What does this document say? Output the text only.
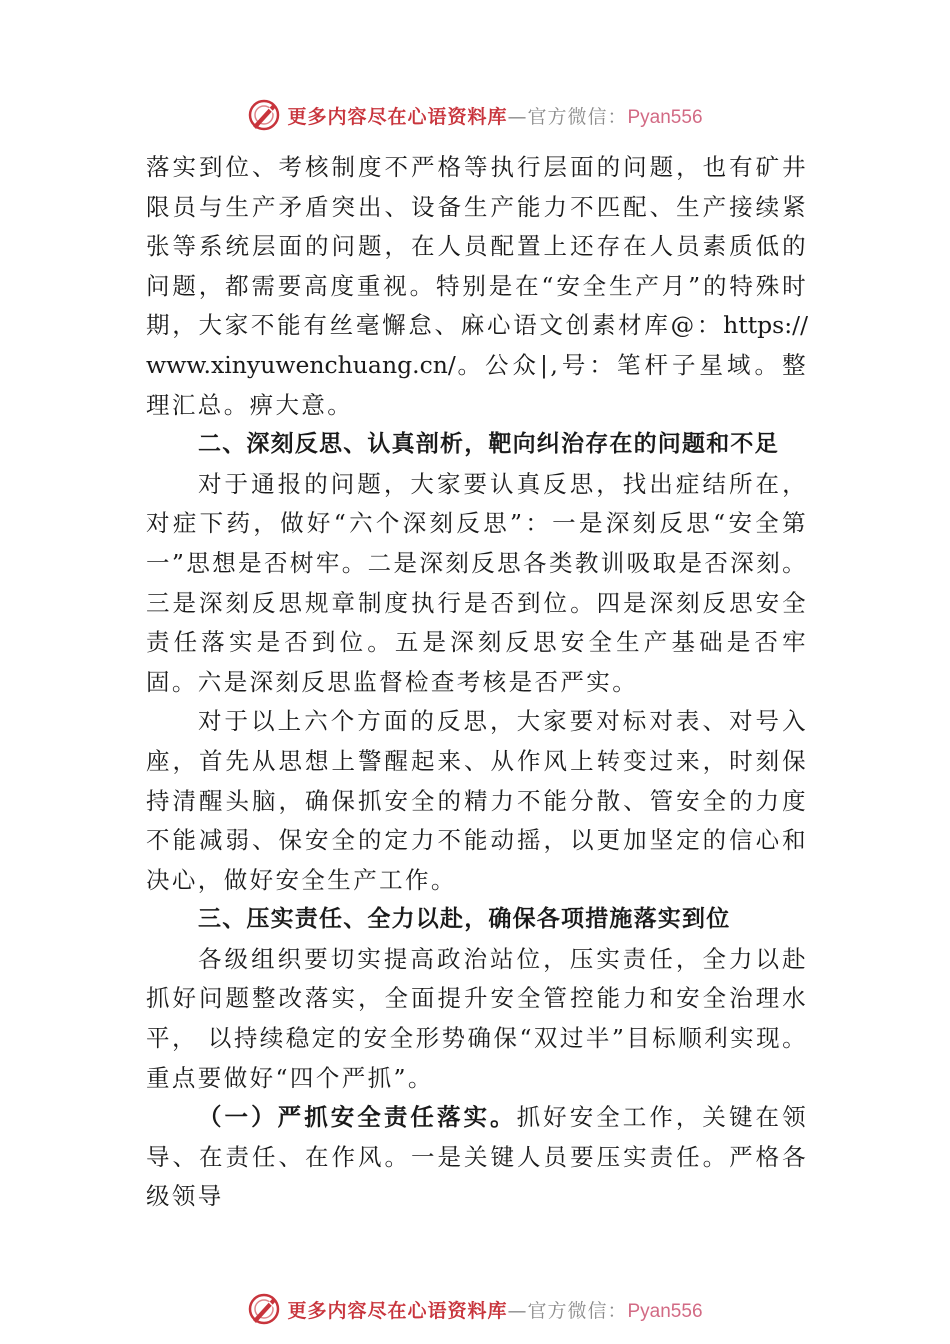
更多内容尽在心语资料库—官方微信：Pyan556

落实到位、考核制度不严格等执行层面的问题，也有矿井限员与生产矛盾突出、设备生产能力不匹配、生产接续紧张等系统层面的问题，在人员配置上还存在人员素质低的问题，都需要高度重视。特别是在“安全生产月”的特殊时期，大家不能有丝毫懈怠、麻心语文创素材库@：https://www.xinyuwenchuang.cn/。公众|,号：笔杆子星域。整理汇总。痹大意。

二、深刻反思、认真剖析，靶向纠治存在的问题和不足

对于通报的问题，大家要认真反思，找出症结所在，对症下药，做好“六个深刻反思”：一是深刻反思“安全第一”思想是否树牢。二是深刻反思各类教训吸取是否深刻。三是深刻反思规章制度执行是否到位。四是深刻反思安全责任落实是否到位。五是深刻反思安全生产基础是否牢固。六是深刻反思监督检查考核是否严实。

对于以上六个方面的反思，大家要对标对表、对号入座，首先从思想上警醒起来、从作风上转变过来，时刻保持清醒头脑，确保抓安全的精力不能分散、管安全的力度不能减弱、保安全的定力不能动摇，以更加坚定的信心和决心，做好安全生产工作。

三、压实责任、全力以赴，确保各项措施落实到位

各级组织要切实提高政治站位，压实责任，全力以赴抓好问题整改落实，全面提升安全管控能力和安全治理水平， 以持续稳定的安全形势确保“双过半”目标顺利实现。重点要做好“四个严抓”。

（一）严抓安全责任落实。抓好安全工作，关键在领导、在责任、在作风。一是关键人员要压实责任。严格各级领导

更多内容尽在心语资料库—官方微信：Pyan556
